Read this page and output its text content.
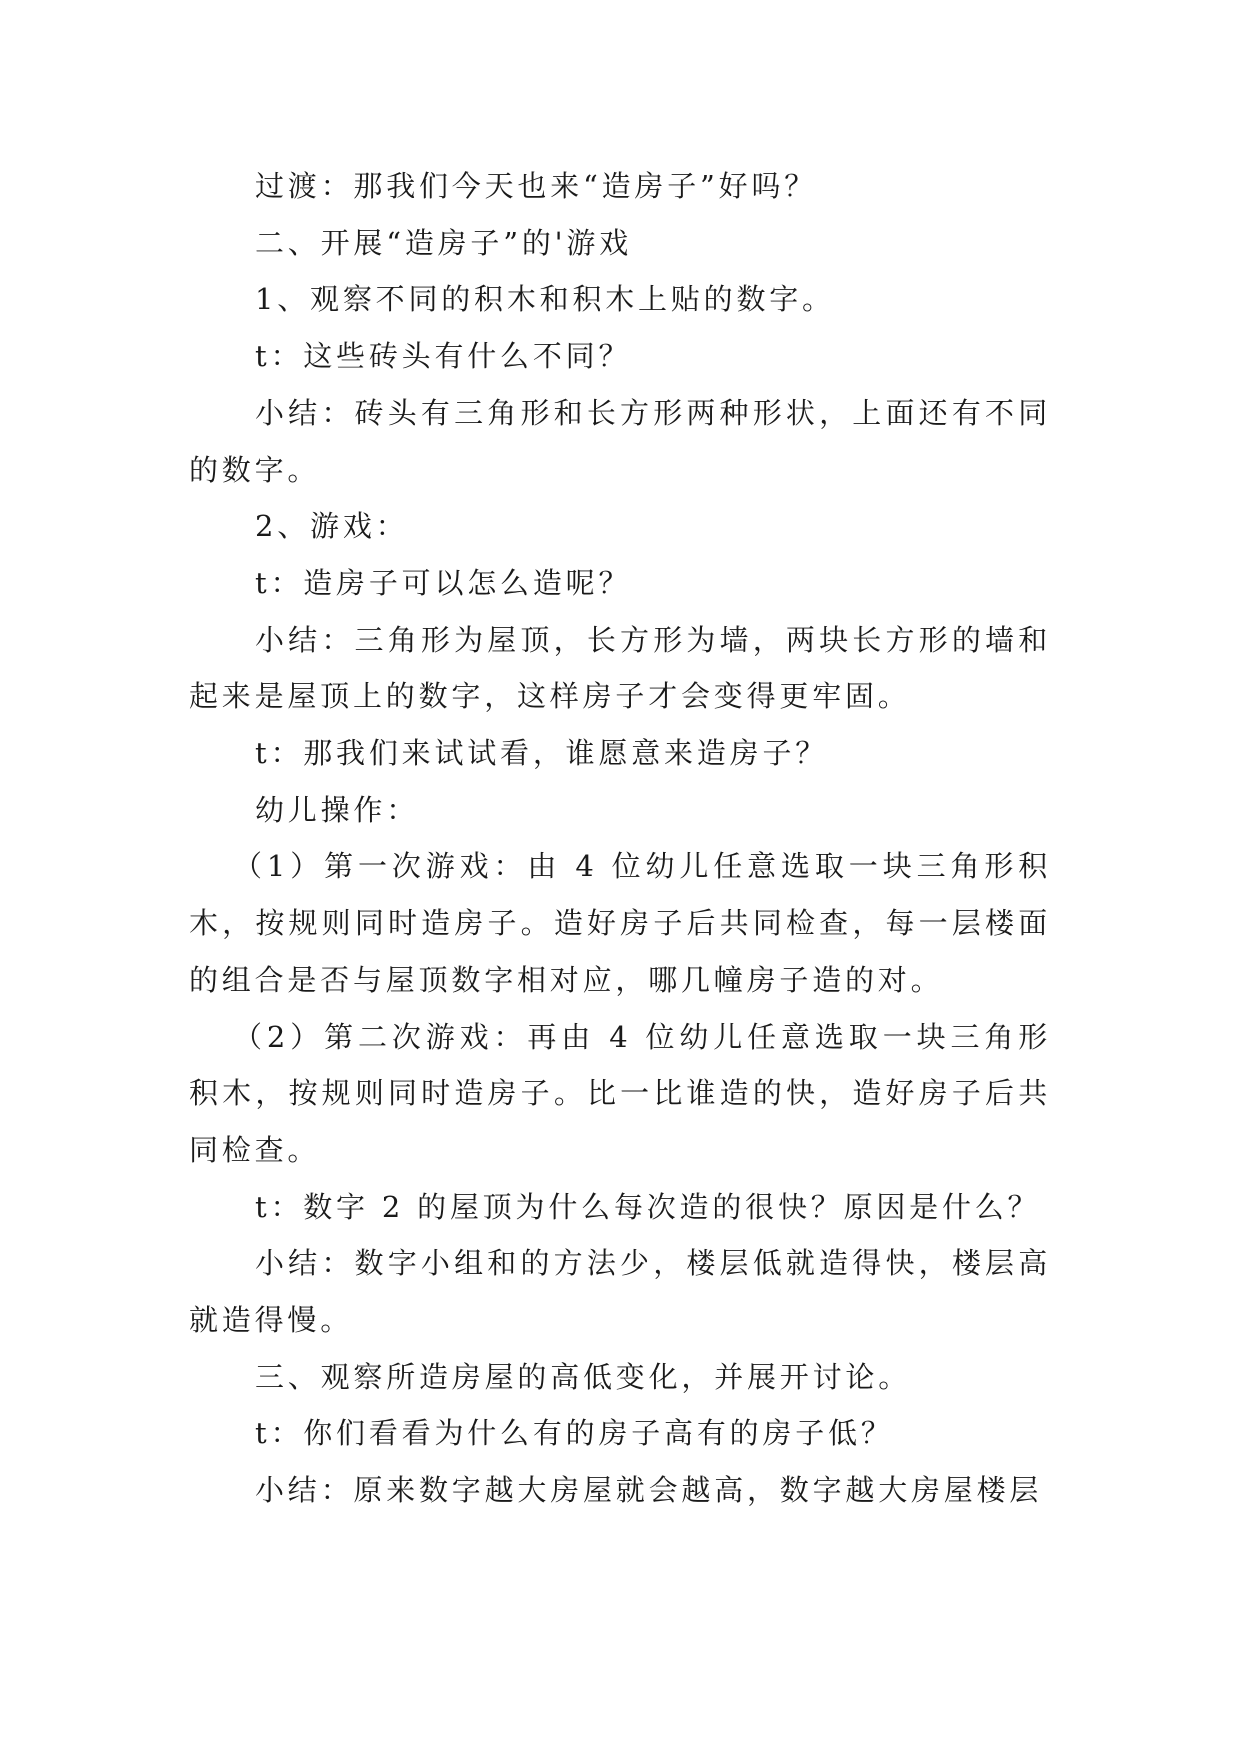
过渡：那我们今天也来“造房子”好吗？

二、开展“造房子”的'游戏

1、观察不同的积木和积木上贴的数字。

t：这些砖头有什么不同？

小结：砖头有三角形和长方形两种形状，上面还有不同的数字。

2、游戏：

t：造房子可以怎么造呢？

小结：三角形为屋顶，长方形为墙，两块长方形的墙和起来是屋顶上的数字，这样房子才会变得更牢固。

t：那我们来试试看，谁愿意来造房子？

幼儿操作：

（1）第一次游戏：由 4 位幼儿任意选取一块三角形积木，按规则同时造房子。造好房子后共同检查，每一层楼面的组合是否与屋顶数字相对应，哪几幢房子造的对。

（2）第二次游戏：再由 4 位幼儿任意选取一块三角形积木，按规则同时造房子。比一比谁造的快，造好房子后共同检查。

t：数字 2 的屋顶为什么每次造的很快？原因是什么？

小结：数字小组和的方法少，楼层低就造得快，楼层高就造得慢。

三、观察所造房屋的高低变化，并展开讨论。

t：你们看看为什么有的房子高有的房子低？

小结：原来数字越大房屋就会越高，数字越大房屋楼层
